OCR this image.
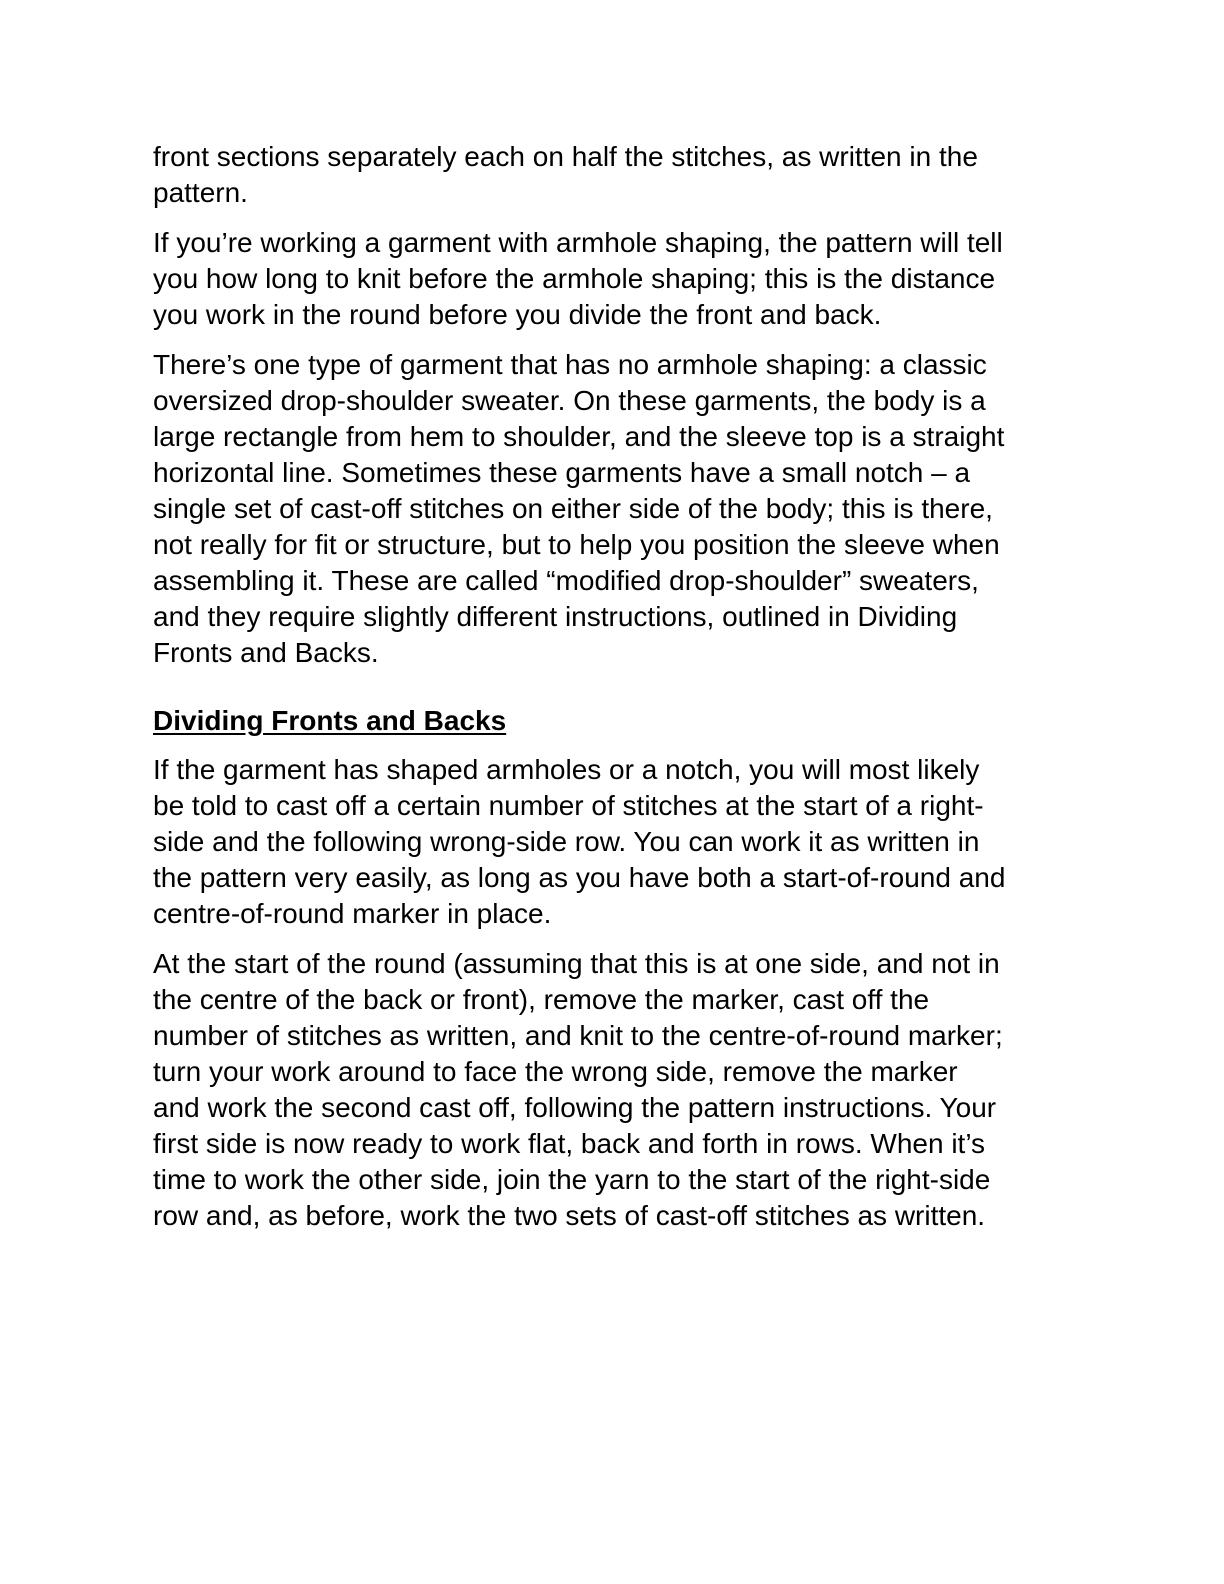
front sections separately each on half the stitches, as written in the
pattern.

If you’re working a garment with armhole shaping, the pattern will tell
you how long to knit before the armhole shaping; this is the distance
you work in the round before you divide the front and back.

There’s one type of garment that has no armhole shaping: a classic
oversized drop-shoulder sweater. On these garments, the body is a
large rectangle from hem to shoulder, and the sleeve top is a straight
horizontal line. Sometimes these garments have a small notch – a
single set of cast-off stitches on either side of the body; this is there,
not really for fit or structure, but to help you position the sleeve when
assembling it. These are called “modified drop-shoulder” sweaters,
and they require slightly different instructions, outlined in Dividing
Fronts and Backs.

Dividing Fronts and Backs

If the garment has shaped armholes or a notch, you will most likely
be told to cast off a certain number of stitches at the start of a right-
side and the following wrong-side row. You can work it as written in
the pattern very easily, as long as you have both a start-of-round and
centre-of-round marker in place.

At the start of the round (assuming that this is at one side, and not in
the centre of the back or front), remove the marker, cast off the
number of stitches as written, and knit to the centre-of-round marker;
turn your work around to face the wrong side, remove the marker
and work the second cast off, following the pattern instructions. Your
first side is now ready to work flat, back and forth in rows. When it’s
time to work the other side, join the yarn to the start of the right-side
row and, as before, work the two sets of cast-off stitches as written.
